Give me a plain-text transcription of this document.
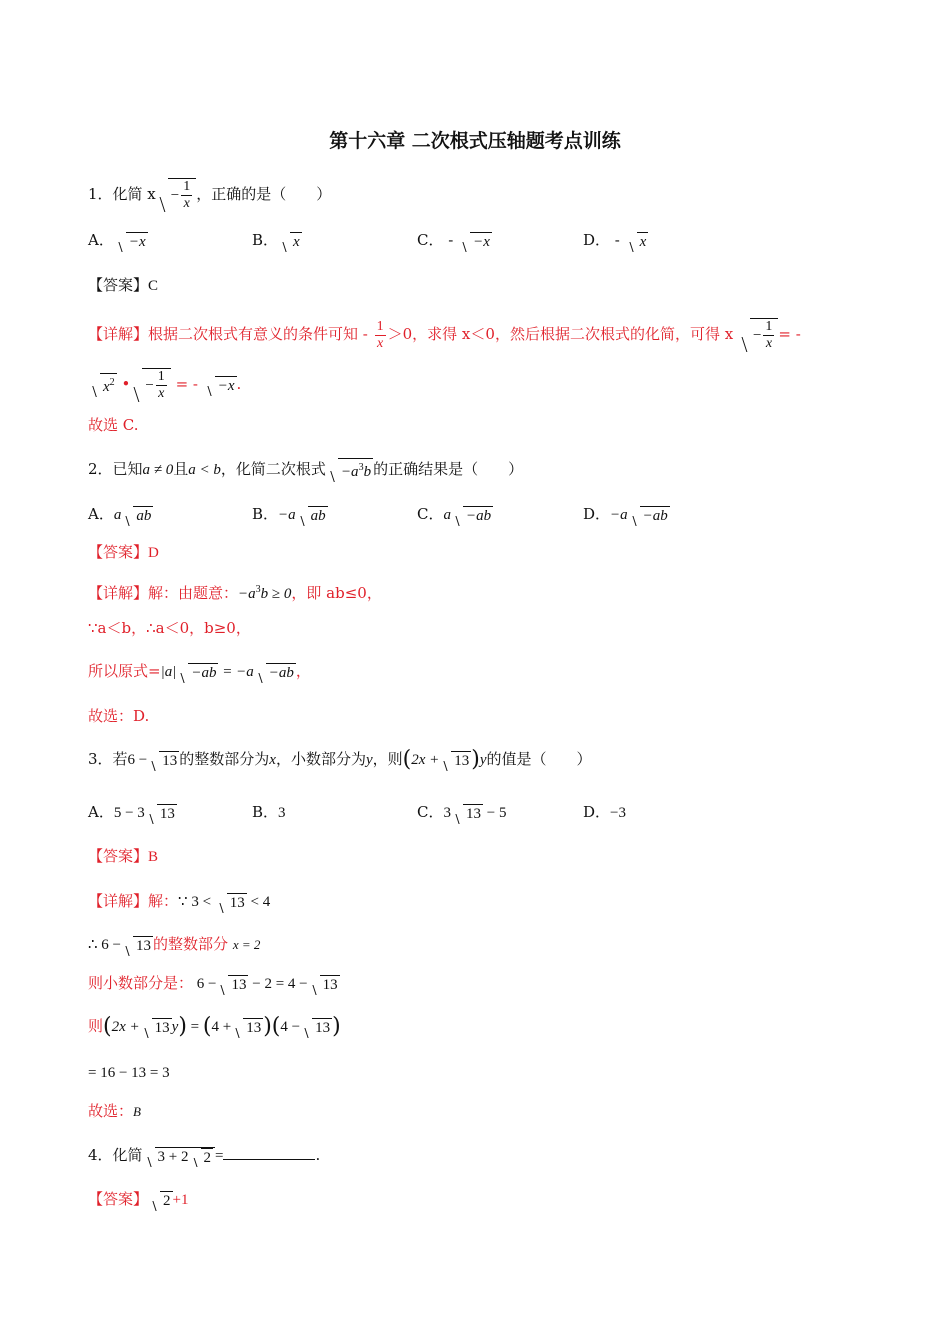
第十六章 二次根式压轴题考点训练
1．化简 $x - \frac{1}{x}$ ，正确的是（　　）
A． −x	B． x	C． - −x	D． - x
【答案】C
【详解】根据二次根式有意义的条件可知 - $\frac{1}{x} >0$，求得 x＜0，然后根据二次根式的化简，可得 $x - \frac{1}{x}$ = -
$x^2$ • − $\frac{1}{x}$ = - −x .
故选 C.
2．已知a ≠ 0且a < b，化简二次根式 $-a^3b$ 的正确结果是（　　）
A．a ab	B．−a ab	C．a −ab	D．−a −ab
【答案】D
【详解】解：由题意：$-a^3b \ge 0$，即 ab≤0，
∵a＜b，∴a＜0，b≥0，
所以原式=|a| −ab = −a −ab ，
故选：D.
3．若6 − 13 的整数部分为x，小数部分为y，则(2x + 13)y的值是（　　）
A．5 − 3 13	B．3	C．3 13 − 5	D．−3
【答案】B
【详解】解：∵ 3 < 13 < 4
∴ 6 − 13 的整数部分 x = 2
则小数部分是： 6 − 13 − 2 = 4 − 13
则(2x + 13 y) = (4 + 13)(4 − 13)
= 16 − 13 = 3
故选：B
4．化简 3 + 2 2 =	.
【答案】 2 +1
